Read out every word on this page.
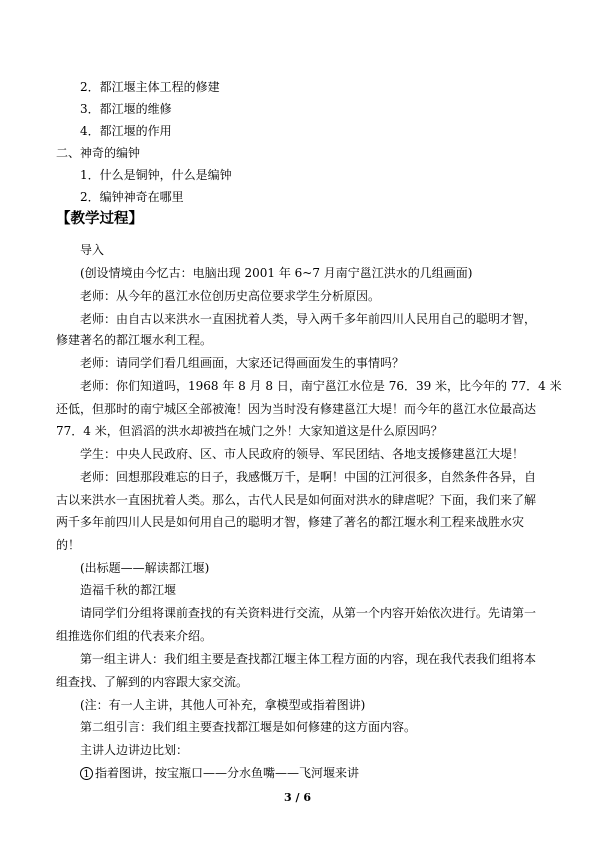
2．都江堰主体工程的修建
3．都江堰的维修
4．都江堰的作用
二、神奇的编钟
1．什么是铜钟，什么是编钟
2．编钟神奇在哪里
【教学过程】
导入
(创设情境由今忆古：电脑出现 2001 年 6~7 月南宁邕江洪水的几组画面)
老师：从今年的邕江水位创历史高位要求学生分析原因。
老师：由自古以来洪水一直困扰着人类，导入两千多年前四川人民用自己的聪明才智，
修建著名的都江堰水利工程。
老师：请同学们看几组画面，大家还记得画面发生的事情吗？
老师：你们知道吗，1968 年 8 月 8 日，南宁邕江水位是 76．39 米，比今年的 77．4 米
还低，但那时的南宁城区全部被淹！因为当时没有修建邕江大堤！而今年的邕江水位最高达
77．4 米，但滔滔的洪水却被挡在城门之外！大家知道这是什么原因吗？
学生：中央人民政府、区、市人民政府的领导、军民团结、各地支援修建邕江大堤！
老师：回想那段难忘的日子，我感慨万千，是啊！中国的江河很多，自然条件各异，自
古以来洪水一直困扰着人类。那么，古代人民是如何面对洪水的肆虐呢？下面，我们来了解
两千多年前四川人民是如何用自己的聪明才智，修建了著名的都江堰水利工程来战胜水灾
的！
(出标题——解读都江堰)
造福千秋的都江堰
请同学们分组将课前查找的有关资料进行交流，从第一个内容开始依次进行。先请第一
组推选你们组的代表来介绍。
第一组主讲人：我们组主要是查找都江堰主体工程方面的内容，现在我代表我们组将本
组查找、了解到的内容跟大家交流。
(注：有一人主讲，其他人可补充，拿模型或指着图讲)
第二组引言：我们组主要查找都江堰是如何修建的这方面内容。
主讲人边讲边比划：
1 指着图讲，按宝瓶口——分水鱼嘴——飞河堰来讲
3 / 6
